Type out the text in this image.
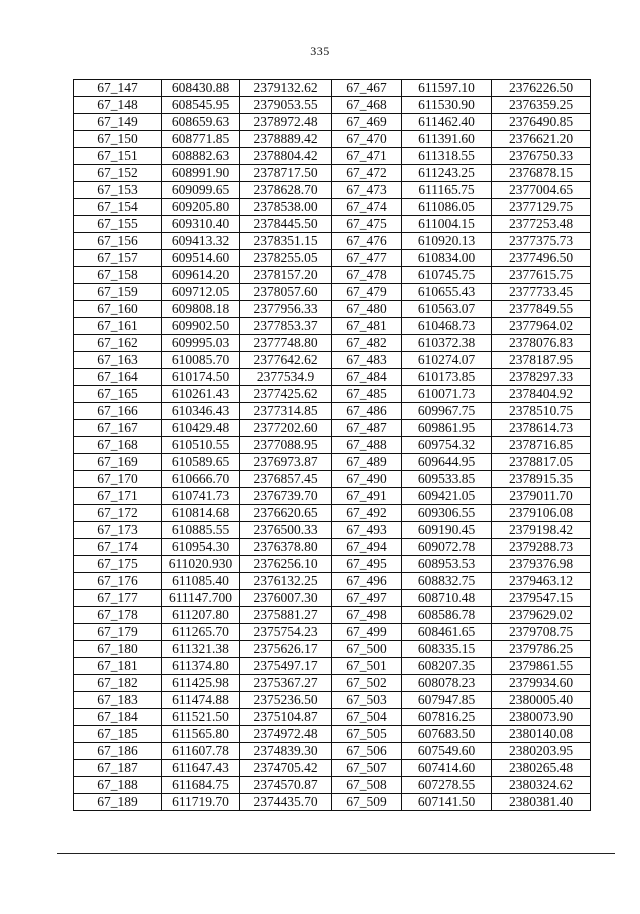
335
67_147	608430.88	2379132.62	67_467	611597.10	2376226.50
67_148	608545.95	2379053.55	67_468	611530.90	2376359.25
67_149	608659.63	2378972.48	67_469	611462.40	2376490.85
67_150	608771.85	2378889.42	67_470	611391.60	2376621.20
67_151	608882.63	2378804.42	67_471	611318.55	2376750.33
67_152	608991.90	2378717.50	67_472	611243.25	2376878.15
67_153	609099.65	2378628.70	67_473	611165.75	2377004.65
67_154	609205.80	2378538.00	67_474	611086.05	2377129.75
67_155	609310.40	2378445.50	67_475	611004.15	2377253.48
67_156	609413.32	2378351.15	67_476	610920.13	2377375.73
67_157	609514.60	2378255.05	67_477	610834.00	2377496.50
67_158	609614.20	2378157.20	67_478	610745.75	2377615.75
67_159	609712.05	2378057.60	67_479	610655.43	2377733.45
67_160	609808.18	2377956.33	67_480	610563.07	2377849.55
67_161	609902.50	2377853.37	67_481	610468.73	2377964.02
67_162	609995.03	2377748.80	67_482	610372.38	2378076.83
67_163	610085.70	2377642.62	67_483	610274.07	2378187.95
67_164	610174.50	2377534.9	67_484	610173.85	2378297.33
67_165	610261.43	2377425.62	67_485	610071.73	2378404.92
67_166	610346.43	2377314.85	67_486	609967.75	2378510.75
67_167	610429.48	2377202.60	67_487	609861.95	2378614.73
67_168	610510.55	2377088.95	67_488	609754.32	2378716.85
67_169	610589.65	2376973.87	67_489	609644.95	2378817.05
67_170	610666.70	2376857.45	67_490	609533.85	2378915.35
67_171	610741.73	2376739.70	67_491	609421.05	2379011.70
67_172	610814.68	2376620.65	67_492	609306.55	2379106.08
67_173	610885.55	2376500.33	67_493	609190.45	2379198.42
67_174	610954.30	2376378.80	67_494	609072.78	2379288.73
67_175	611020.930	2376256.10	67_495	608953.53	2379376.98
67_176	611085.40	2376132.25	67_496	608832.75	2379463.12
67_177	611147.700	2376007.30	67_497	608710.48	2379547.15
67_178	611207.80	2375881.27	67_498	608586.78	2379629.02
67_179	611265.70	2375754.23	67_499	608461.65	2379708.75
67_180	611321.38	2375626.17	67_500	608335.15	2379786.25
67_181	611374.80	2375497.17	67_501	608207.35	2379861.55
67_182	611425.98	2375367.27	67_502	608078.23	2379934.60
67_183	611474.88	2375236.50	67_503	607947.85	2380005.40
67_184	611521.50	2375104.87	67_504	607816.25	2380073.90
67_185	611565.80	2374972.48	67_505	607683.50	2380140.08
67_186	611607.78	2374839.30	67_506	607549.60	2380203.95
67_187	611647.43	2374705.42	67_507	607414.60	2380265.48
67_188	611684.75	2374570.87	67_508	607278.55	2380324.62
67_189	611719.70	2374435.70	67_509	607141.50	2380381.40
